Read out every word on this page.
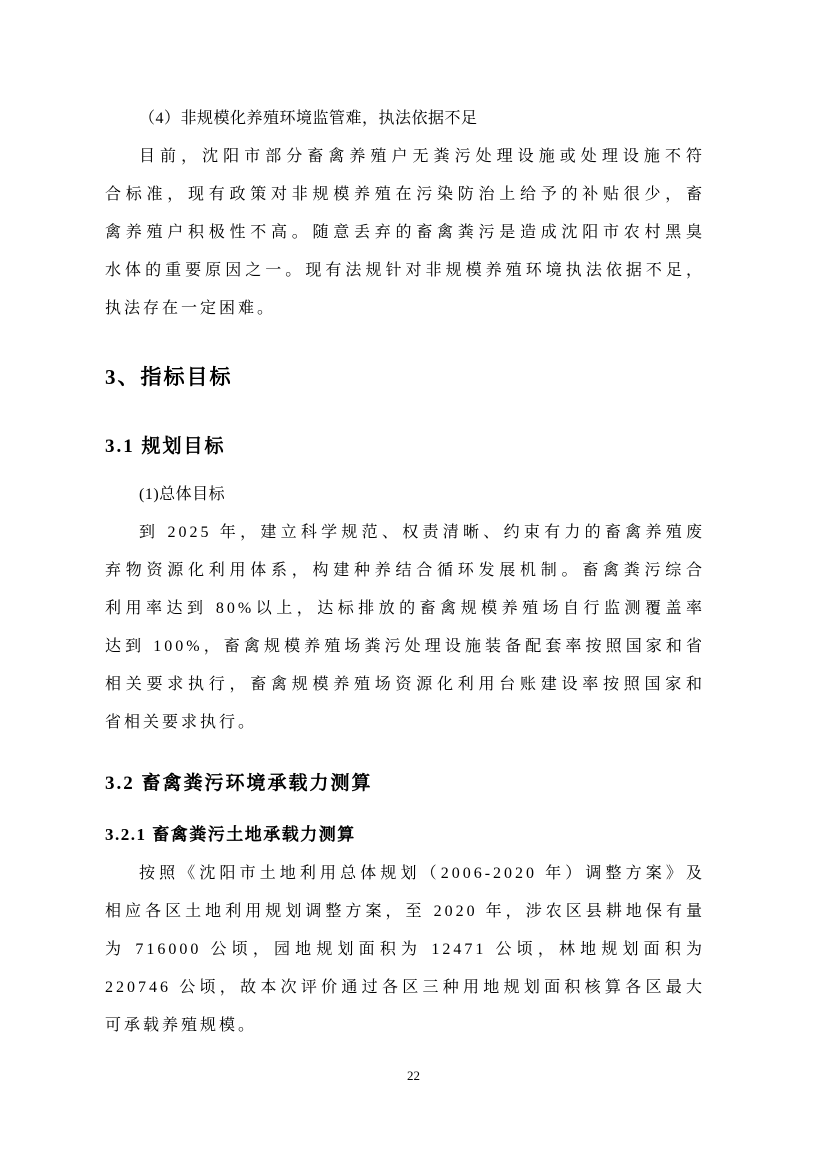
（4）非规模化养殖环境监管难，执法依据不足
目前，沈阳市部分畜禽养殖户无粪污处理设施或处理设施不符
合标准，现有政策对非规模养殖在污染防治上给予的补贴很少，畜
禽养殖户积极性不高。随意丢弃的畜禽粪污是造成沈阳市农村黑臭
水体的重要原因之一。现有法规针对非规模养殖环境执法依据不足，
执法存在一定困难。
3、指标目标
3.1 规划目标
(1)总体目标
到 2025 年，建立科学规范、权责清晰、约束有力的畜禽养殖废
弃物资源化利用体系，构建种养结合循环发展机制。畜禽粪污综合
利用率达到 80%以上，达标排放的畜禽规模养殖场自行监测覆盖率
达到 100%，畜禽规模养殖场粪污处理设施装备配套率按照国家和省
相关要求执行，畜禽规模养殖场资源化利用台账建设率按照国家和
省相关要求执行。
3.2 畜禽粪污环境承载力测算
3.2.1 畜禽粪污土地承载力测算
按照《沈阳市土地利用总体规划（2006-2020 年）调整方案》及
相应各区土地利用规划调整方案，至 2020 年，涉农区县耕地保有量
为 716000 公顷，园地规划面积为 12471 公顷，林地规划面积为
220746 公顷，故本次评价通过各区三种用地规划面积核算各区最大
可承载养殖规模。
22
